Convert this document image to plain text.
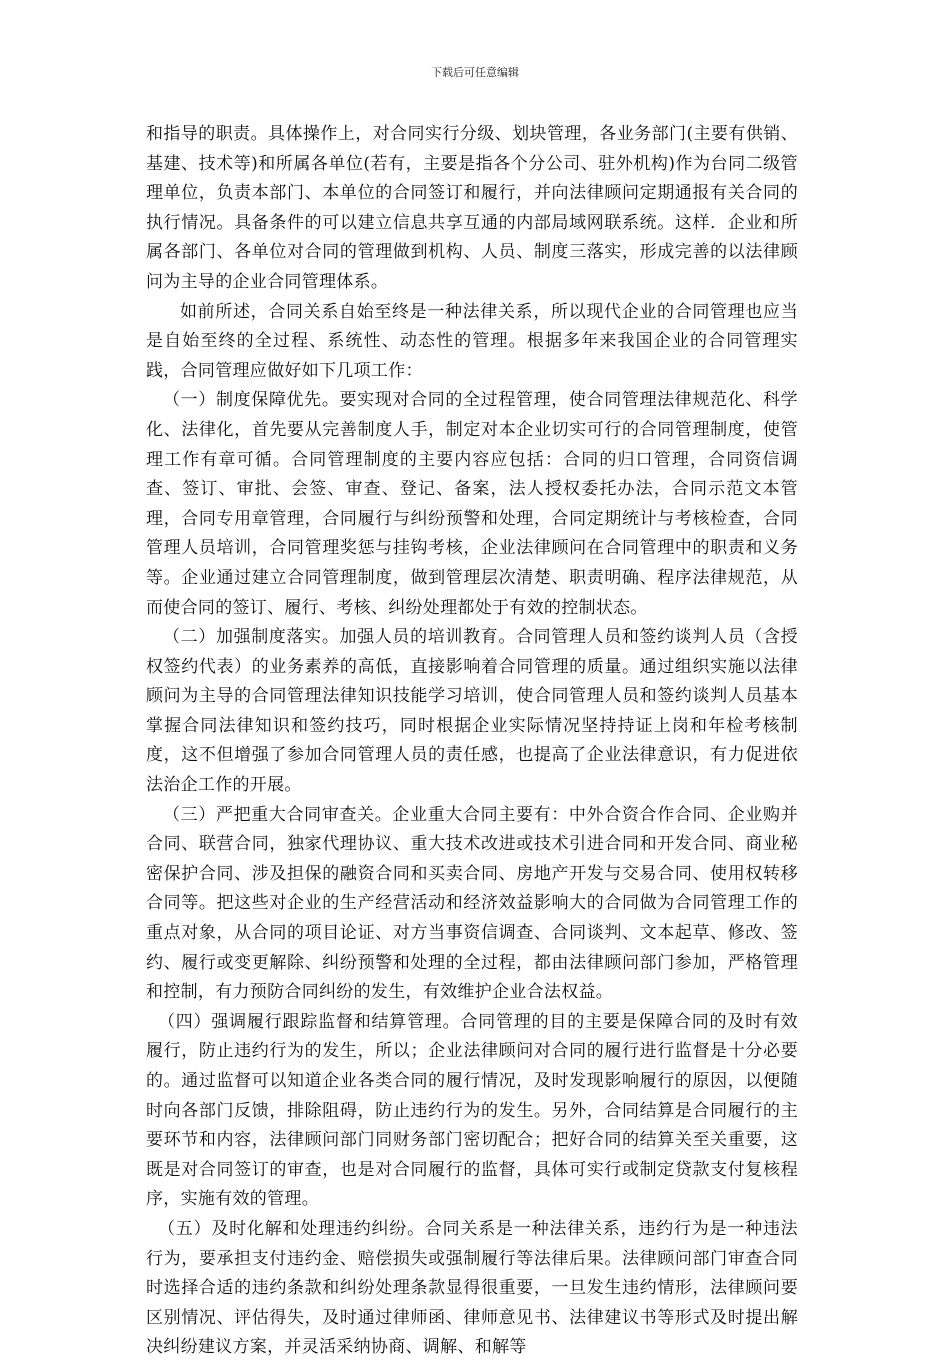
下载后可任意编辑

和指导的职责。具体操作上，对合同实行分级、划块管理，各业务部门(主要有供销、基建、技术等)和所属各单位(若有，主要是指各个分公司、驻外机构)作为台同二级管理单位，负责本部门、本单位的合同签订和履行，并向法律顾问定期通报有关合同的执行情况。具备条件的可以建立信息共享互通的内部局域网联系统。这样．企业和所属各部门、各单位对合同的管理做到机构、人员、制度三落实，形成完善的以法律顾问为主导的企业合同管理体系。

如前所述，合同关系自始至终是一种法律关系，所以现代企业的合同管理也应当是自始至终的全过程、系统性、动态性的管理。根据多年来我国企业的合同管理实践，合同管理应做好如下几项工作：

（一）制度保障优先。要实现对合同的全过程管理，使合同管理法律规范化、科学化、法律化，首先要从完善制度人手，制定对本企业切实可行的合同管理制度，使管理工作有章可循。合同管理制度的主要内容应包括：合同的归口管理，合同资信调查、签订、审批、会签、审查、登记、备案，法人授权委托办法，合同示范文本管理，合同专用章管理，合同履行与纠纷预警和处理，合同定期统计与考核检查，合同管理人员培训，合同管理奖惩与挂钩考核，企业法律顾问在合同管理中的职责和义务等。企业通过建立合同管理制度，做到管理层次清楚、职责明确、程序法律规范，从而使合同的签订、履行、考核、纠纷处理都处于有效的控制状态。

（二）加强制度落实。加强人员的培训教育。合同管理人员和签约谈判人员（含授权签约代表）的业务素养的高低，直接影响着合同管理的质量。通过组织实施以法律顾问为主导的合同管理法律知识技能学习培训，使合同管理人员和签约谈判人员基本掌握合同法律知识和签约技巧，同时根据企业实际情况坚持持证上岗和年检考核制度，这不但增强了参加合同管理人员的责任感，也提高了企业法律意识，有力促进依法治企工作的开展。

（三）严把重大合同审查关。企业重大合同主要有：中外合资合作合同、企业购并合同、联营合同，独家代理协议、重大技术改进或技术引进合同和开发合同、商业秘密保护合同、涉及担保的融资合同和买卖合同、房地产开发与交易合同、使用权转移合同等。把这些对企业的生产经营活动和经济效益影响大的合同做为合同管理工作的重点对象，从合同的项目论证、对方当事资信调查、合同谈判、文本起草、修改、签约、履行或变更解除、纠纷预警和处理的全过程，都由法律顾问部门参加，严格管理和控制，有力预防合同纠纷的发生，有效维护企业合法权益。

（四）强调履行跟踪监督和结算管理。合同管理的目的主要是保障合同的及时有效履行，防止违约行为的发生，所以；企业法律顾问对合同的履行进行监督是十分必要的。通过监督可以知道企业各类合同的履行情况，及时发现影响履行的原因，以便随时向各部门反馈，排除阻碍，防止违约行为的发生。另外，合同结算是合同履行的主要环节和内容，法律顾问部门同财务部门密切配合；把好合同的结算关至关重要，这既是对合同签订的审查，也是对合同履行的监督，具体可实行或制定贷款支付复核程序，实施有效的管理。

（五）及时化解和处理违约纠纷。合同关系是一种法律关系，违约行为是一种违法行为，要承担支付违约金、赔偿损失或强制履行等法律后果。法律顾问部门审查合同时选择合适的违约条款和纠纷处理条款显得很重要，一旦发生违约情形，法律顾问要区别情况、评估得失，及时通过律师函、律师意见书、法律建议书等形式及时提出解决纠纷建议方案，并灵活采纳协商、调解、和解等
